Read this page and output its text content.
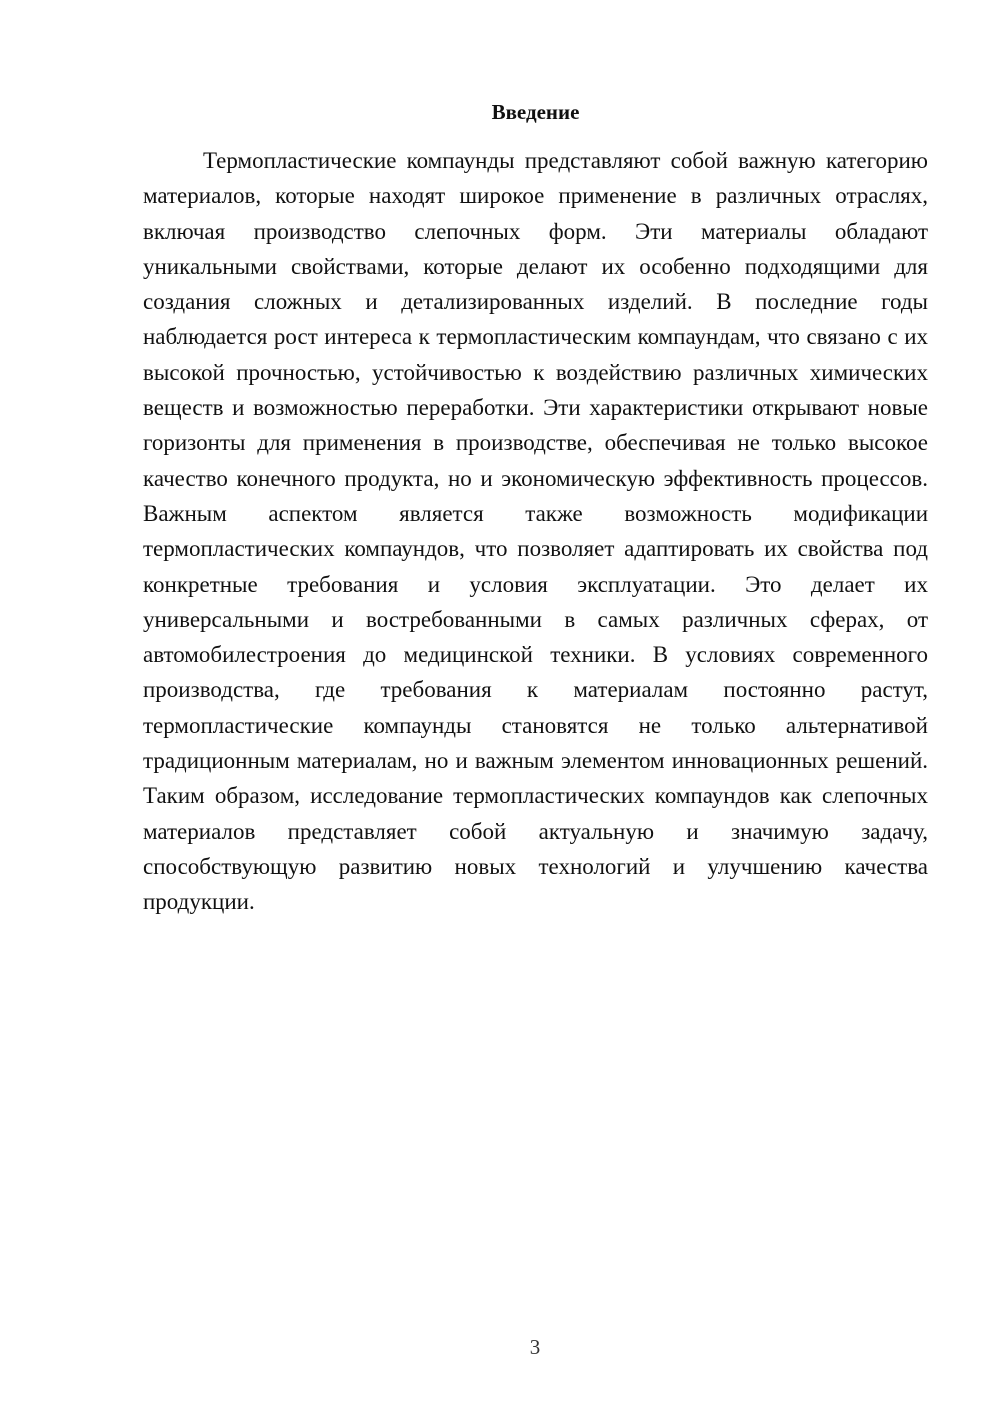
Введение

Термопластические компаунды представляют собой важную категорию материалов, которые находят широкое применение в различных отраслях, включая производство слепочных форм. Эти материалы обладают уникальными свойствами, которые делают их особенно подходящими для создания сложных и детализированных изделий. В последние годы наблюдается рост интереса к термопластическим компаундам, что связано с их высокой прочностью, устойчивостью к воздействию различных химических веществ и возможностью переработки. Эти характеристики открывают новые горизонты для применения в производстве, обеспечивая не только высокое качество конечного продукта, но и экономическую эффективность процессов. Важным аспектом является также возможность модификации термопластических компаундов, что позволяет адаптировать их свойства под конкретные требования и условия эксплуатации. Это делает их универсальными и востребованными в самых различных сферах, от автомобилестроения до медицинской техники. В условиях современного производства, где требования к материалам постоянно растут, термопластические компаунды становятся не только альтернативой традиционным материалам, но и важным элементом инновационных решений. Таким образом, исследование термопластических компаундов как слепочных материалов представляет собой актуальную и значимую задачу, способствующую развитию новых технологий и улучшению качества продукции.

3
